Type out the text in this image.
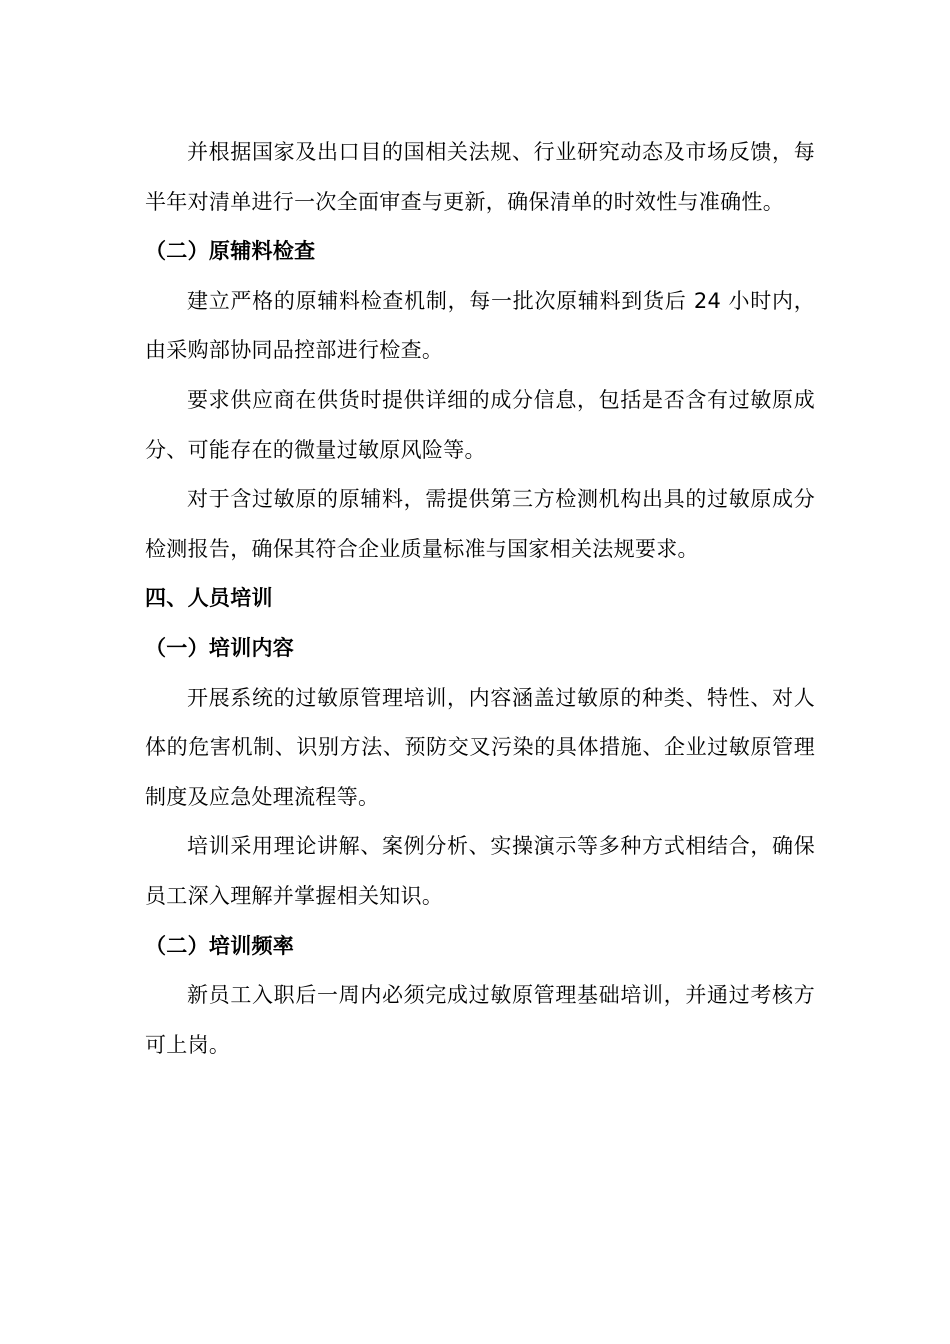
并根据国家及出口目的国相关法规、行业研究动态及市场反馈，每半年对清单进行一次全面审查与更新，确保清单的时效性与准确性。

（二）原辅料检查

建立严格的原辅料检查机制，每一批次原辅料到货后 24 小时内，由采购部协同品控部进行检查。

要求供应商在供货时提供详细的成分信息，包括是否含有过敏原成分、可能存在的微量过敏原风险等。

对于含过敏原的原辅料，需提供第三方检测机构出具的过敏原成分检测报告，确保其符合企业质量标准与国家相关法规要求。

四、人员培训

（一）培训内容

开展系统的过敏原管理培训，内容涵盖过敏原的种类、特性、对人体的危害机制、识别方法、预防交叉污染的具体措施、企业过敏原管理制度及应急处理流程等。

培训采用理论讲解、案例分析、实操演示等多种方式相结合，确保员工深入理解并掌握相关知识。

（二）培训频率

新员工入职后一周内必须完成过敏原管理基础培训，并通过考核方可上岗。
